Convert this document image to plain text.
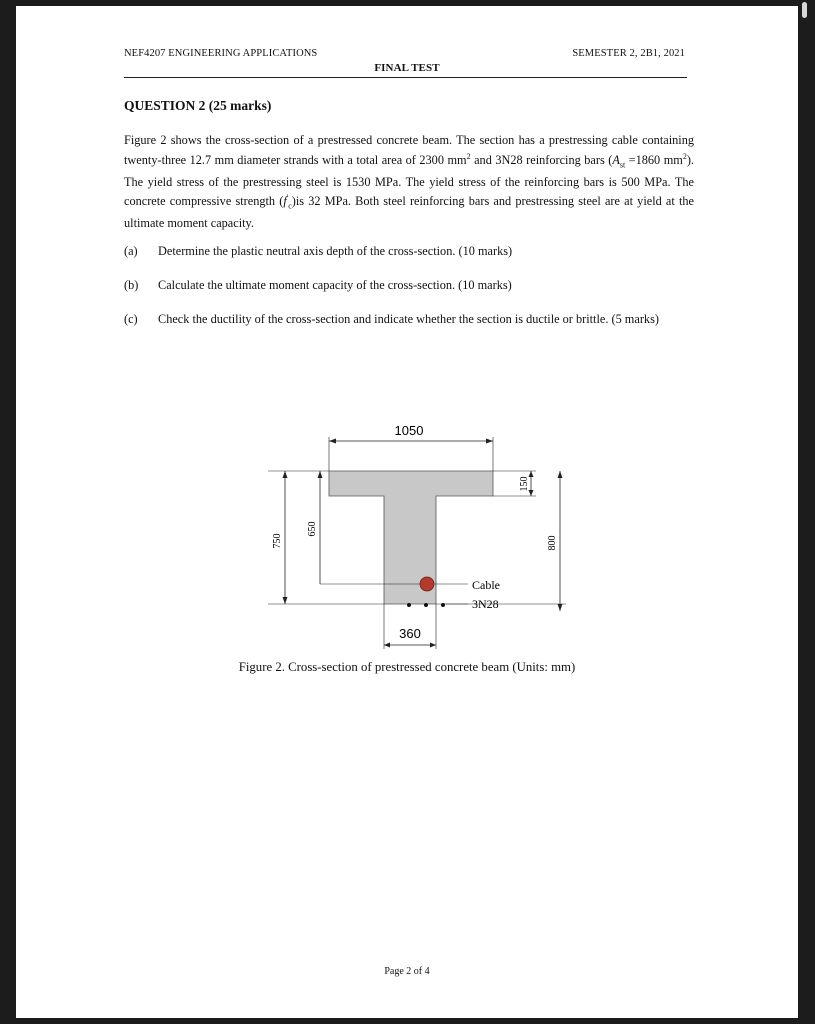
NEF4207 ENGINEERING APPLICATIONS	SEMESTER 2, 2B1, 2021
FINAL TEST
QUESTION 2 (25 marks)
Figure 2 shows the cross-section of a prestressed concrete beam. The section has a prestressing cable containing twenty-three 12.7 mm diameter strands with a total area of 2300 $mm^2$ and 3N28 reinforcing bars ($A_{st} =1860$ $mm^2$). The yield stress of the prestressing steel is 1530 MPa. The yield stress of the reinforcing bars is 500 MPa. The concrete compressive strength $(f'_c)is$ 32 MPa. Both steel reinforcing bars and prestressing steel are at yield at the ultimate moment capacity.
(a) Determine the plastic neutral axis depth of the cross-section. (10 marks)
(b) Calculate the ultimate moment capacity of the cross-section. (10 marks)
(c) Check the ductility of the cross-section and indicate whether the section is ductile or brittle. (5 marks)
1050
750
650
150
800
Cable
3N28
360
Figure 2. Cross-section of prestressed concrete beam (Units: mm)
Page 2 of 4
